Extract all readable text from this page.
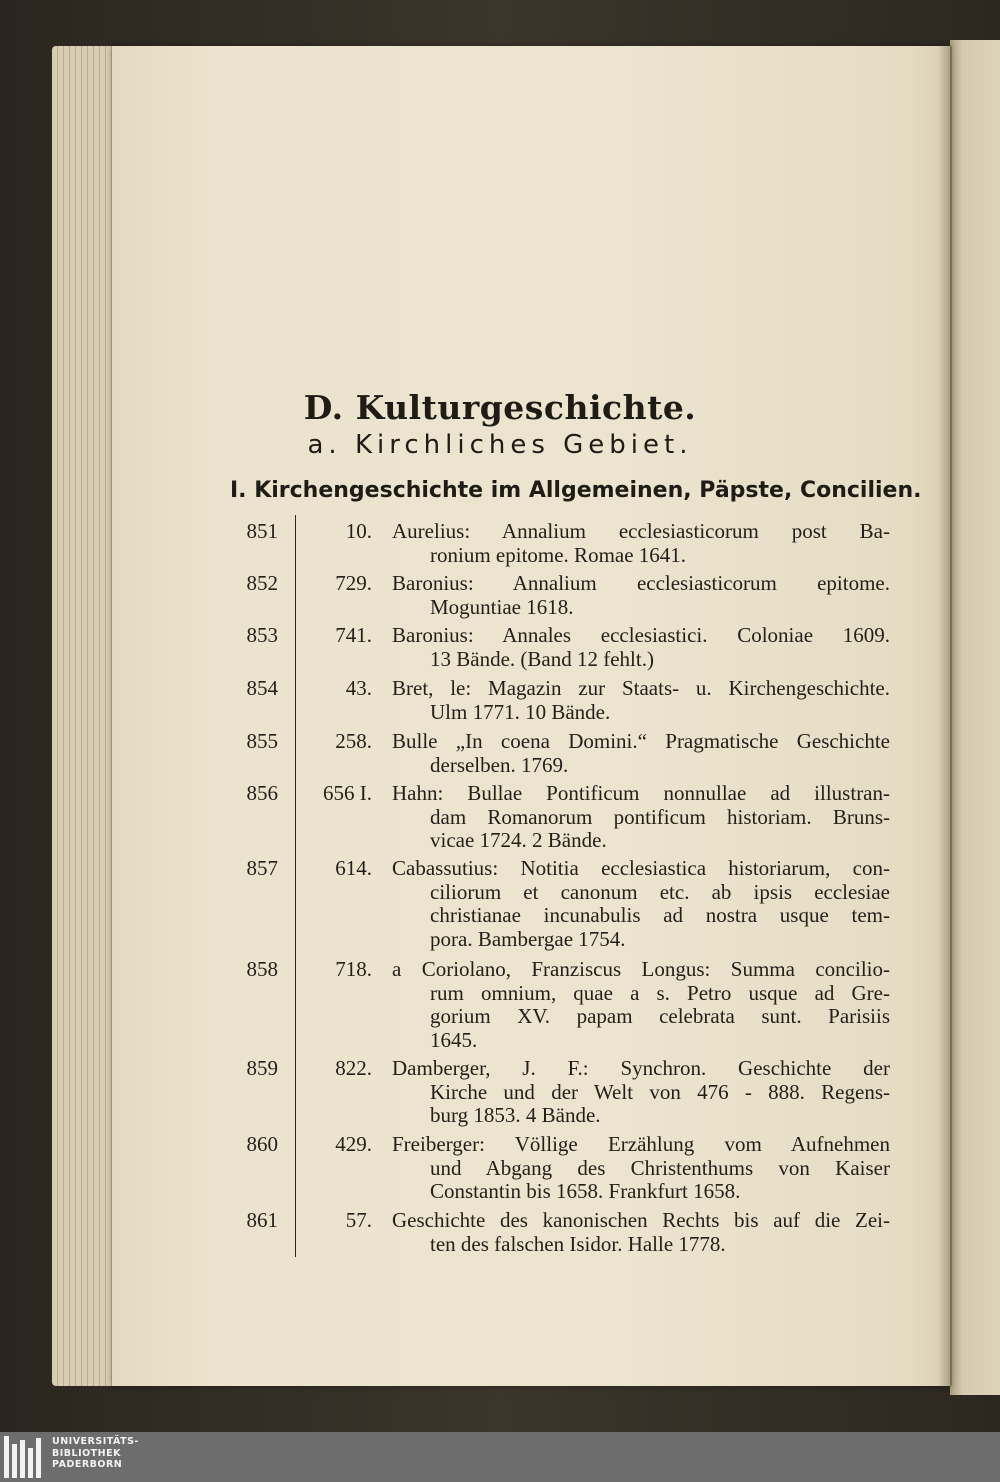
D. Kulturgeschichte.
a. Kirchliches Gebiet.
I. Kirchengeschichte im Allgemeinen, Päpste, Concilien.
851	10. Aurelius: Annalium ecclesiasticorum post Ba-
ronium epitome. Romae 1641.
852	729. Baronius: Annalium ecclesiasticorum epitome.
Moguntiae 1618.
853	741. Baronius: Annales ecclesiastici. Coloniae 1609.
13 Bände. (Band 12 fehlt.)
854	43. Bret, le: Magazin zur Staats- u. Kirchengeschichte.
Ulm 1771. 10 Bände.
855	258. Bulle „In coena Domini.“ Pragmatische Geschichte
derselben. 1769.
856	656 I. Hahn: Bullae Pontificum nonnullae ad illustran-
dam Romanorum pontificum historiam. Bruns-
vicae 1724. 2 Bände.
857	614. Cabassutius: Notitia ecclesiastica historiarum, con-
ciliorum et canonum etc. ab ipsis ecclesiae
christianae incunabulis ad nostra usque tem-
pora. Bambergae 1754.
858	718. a Coriolano, Franziscus Longus: Summa concilio-
rum omnium, quae a s. Petro usque ad Gre-
gorium XV. papam celebrata sunt. Parisiis
1645.
859	822. Damberger, J. F.: Synchron. Geschichte der
Kirche und der Welt von 476 - 888. Regens-
burg 1853. 4 Bände.
860	429. Freiberger: Völlige Erzählung vom Aufnehmen
und Abgang des Christenthums von Kaiser
Constantin bis 1658. Frankfurt 1658.
861	57. Geschichte des kanonischen Rechts bis auf die Zei-
ten des falschen Isidor. Halle 1778.
UNIVERSITÄTS-
BIBLIOTHEK
PADERBORN
